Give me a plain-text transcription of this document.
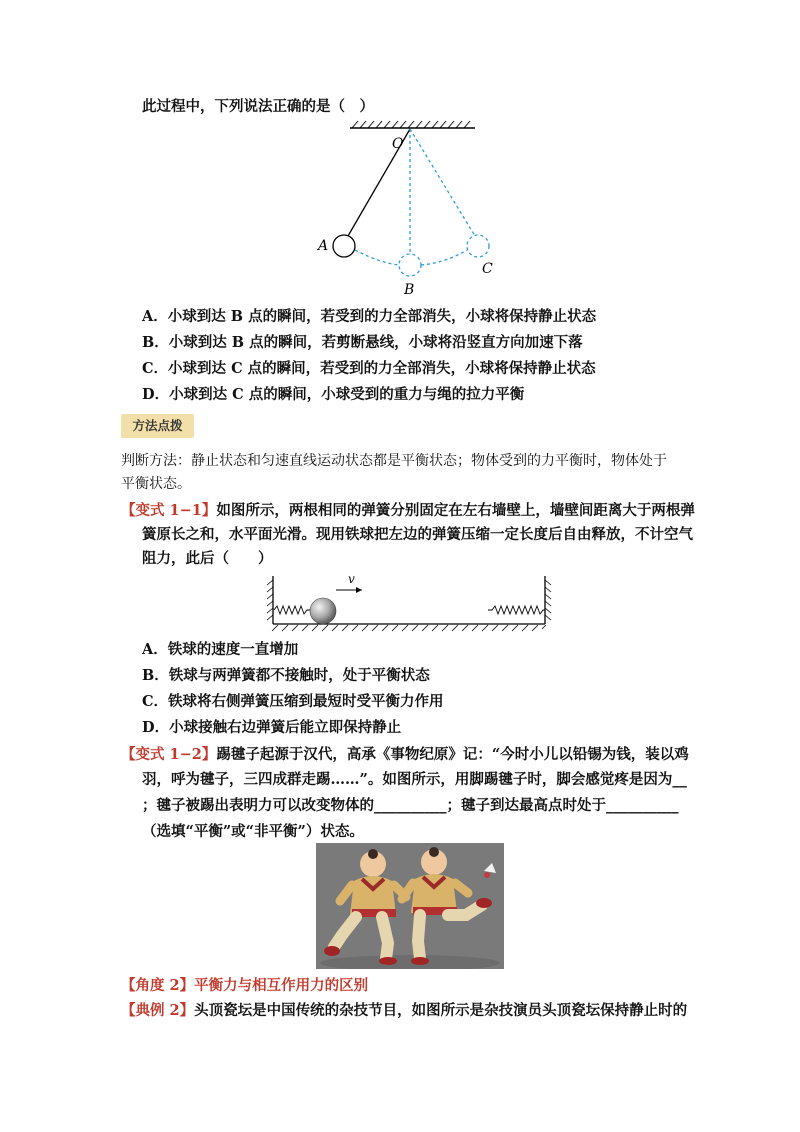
此过程中，下列说法正确的是（　）
O
A
B
C
A．小球到达 B 点的瞬间，若受到的力全部消失，小球将保持静止状态
B．小球到达 B 点的瞬间，若剪断悬线，小球将沿竖直方向加速下落
C．小球到达 C 点的瞬间，若受到的力全部消失，小球将保持静止状态
D．小球到达 C 点的瞬间，小球受到的重力与绳的拉力平衡
方法点拨
判断方法：静止状态和匀速直线运动状态都是平衡状态；物体受到的力平衡时，物体处于
平衡状态。
【变式 1−1】如图所示，两根相同的弹簧分别固定在左右墙壁上，墙壁间距离大于两根弹
簧原长之和，水平面光滑。现用铁球把左边的弹簧压缩一定长度后自由释放，不计空气
阻力，此后（　　）
v
A．铁球的速度一直增加
B．铁球与两弹簧都不接触时，处于平衡状态
C．铁球将右侧弹簧压缩到最短时受平衡力作用
D．小球接触右边弹簧后能立即保持静止
【变式 1−2】踢毽子起源于汉代，高承《事物纪原》记：“今时小儿以铅锡为钱，装以鸡
羽，呼为毽子，三四成群走踢……”。如图所示，用脚踢毽子时，脚会感觉疼是因为__
；毽子被踢出表明力可以改变物体的__________；毽子到达最高点时处于__________
（选填“平衡”或“非平衡”）状态。
【角度 2】平衡力与相互作用力的区别
【典例 2】头顶瓷坛是中国传统的杂技节目，如图所示是杂技演员头顶瓷坛保持静止时的
